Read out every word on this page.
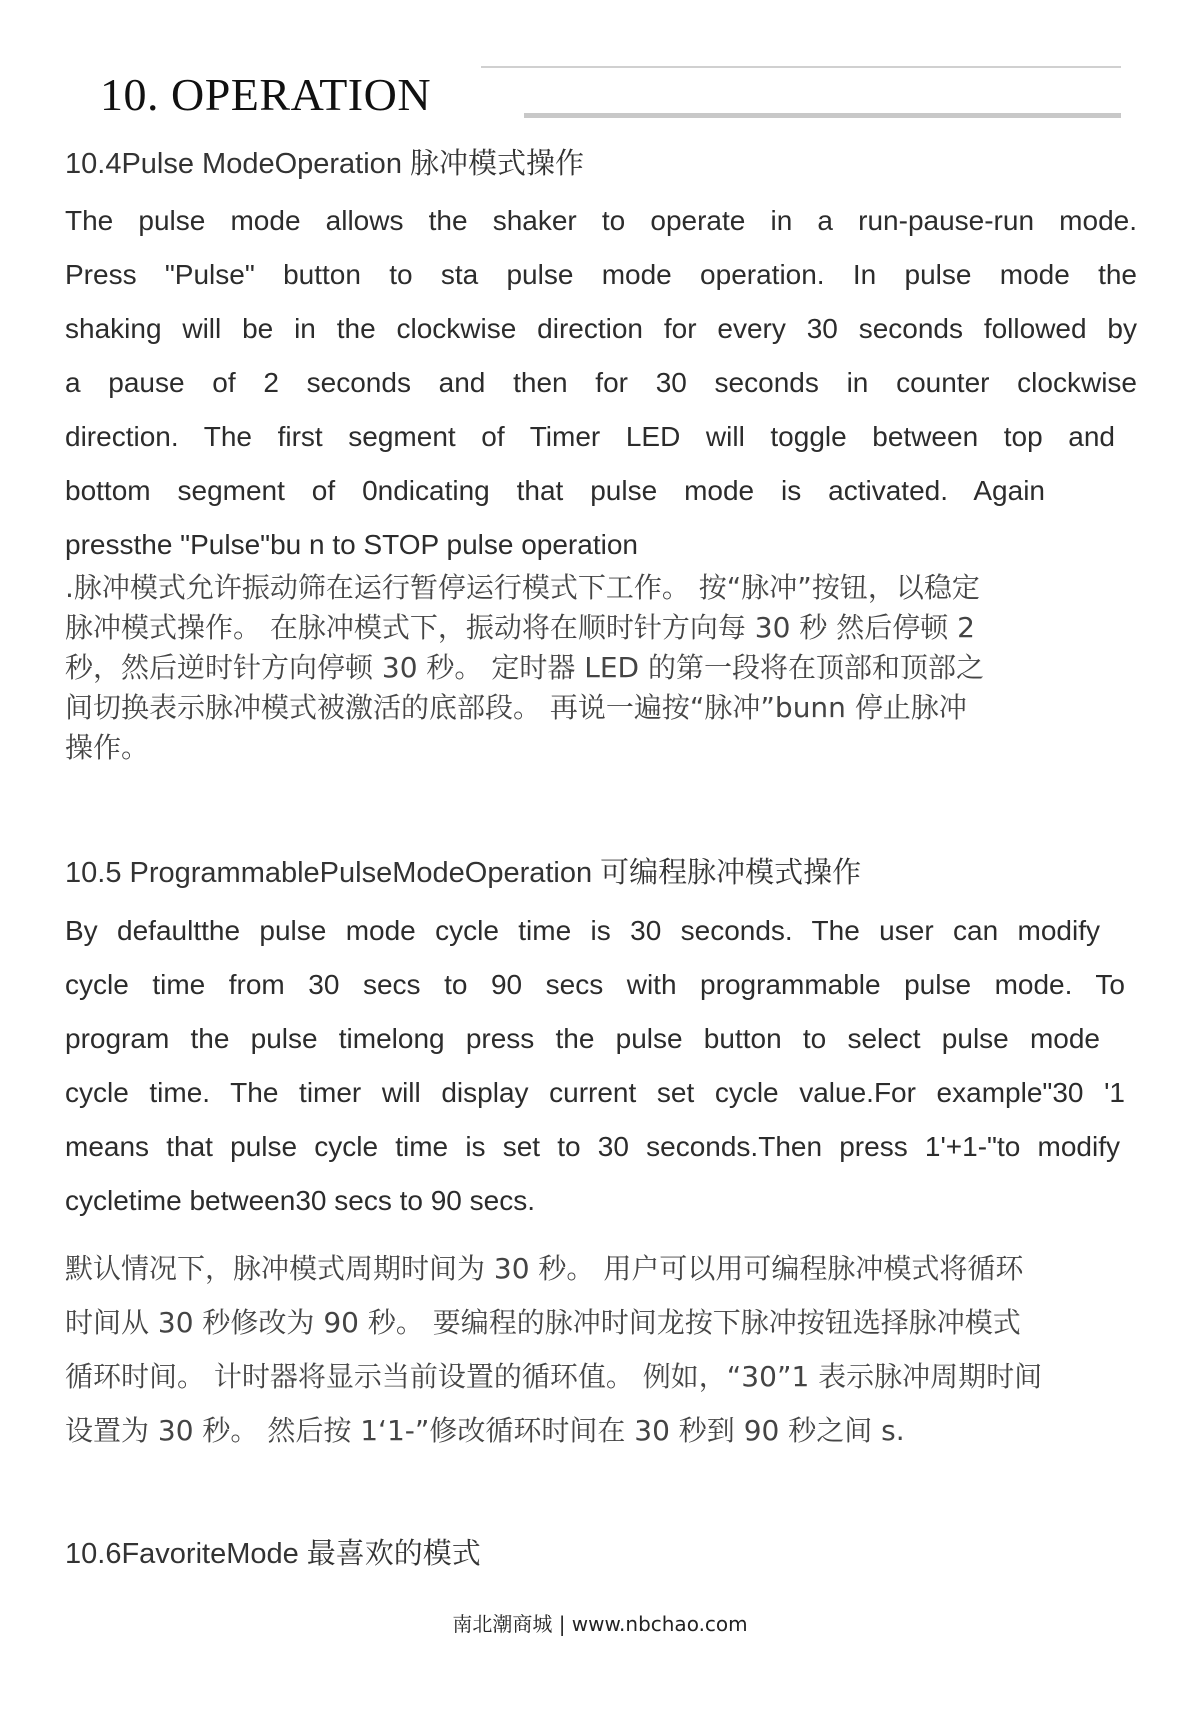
10. OPERATION
10.4Pulse ModeOperation 脉冲模式操作
The pulse mode allows the shaker to operate in a run-pause-run mode.
Press "Pulse" button to sta pulse mode operation. In pulse mode the
shaking will be in the clockwise direction for every 30 seconds followed by
a pause of 2 seconds and then for 30 seconds in counter clockwise
direction. The first segment of Timer LED will toggle between top and
bottom segment of 0ndicating that pulse mode is activated. Again
pressthe "Pulse"bu n to STOP pulse operation
.脉冲模式允许振动筛在运行暂停运行模式下工作。 按“脉冲”按钮，以稳定
脉冲模式操作。 在脉冲模式下，振动将在顺时针方向每 30 秒 然后停顿 2
秒，然后逆时针方向停顿 30 秒。 定时器 LED 的第一段将在顶部和顶部之
间切换表示脉冲模式被激活的底部段。 再说一遍按“脉冲”bunn 停止脉冲
操作。
10.5 ProgrammablePulseModeOperation 可编程脉冲模式操作
By defaultthe pulse mode cycle time is 30 seconds. The user can modify
cycle time from 30 secs to 90 secs with programmable pulse mode. To
program the pulse timelong press the pulse button to select pulse mode
cycle time. The timer will display current set cycle value.For example"30 '1
means that pulse cycle time is set to 30 seconds.Then press 1'+1-"to modify
cycletime between30 secs to 90 secs.
默认情况下，脉冲模式周期时间为 30 秒。 用户可以用可编程脉冲模式将循环
时间从 30 秒修改为 90 秒。 要编程的脉冲时间龙按下脉冲按钮选择脉冲模式
循环时间。 计时器将显示当前设置的循环值。 例如，“30”1 表示脉冲周期时间
设置为 30 秒。 然后按 1‘1-”修改循环时间在 30 秒到 90 秒之间 s.
10.6FavoriteMode 最喜欢的模式
南北潮商城 | www.nbchao.com
